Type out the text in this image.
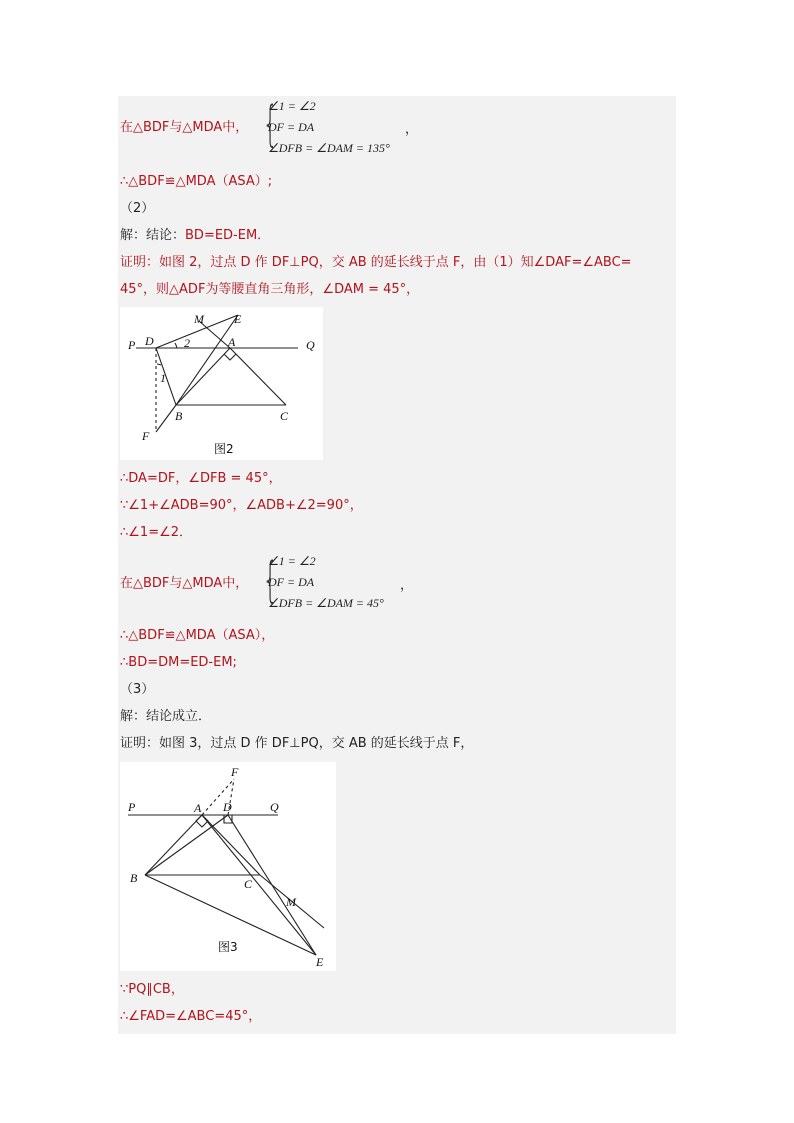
在△BDF与△MDA中， {
∠1 = ∠2
DF = DA
∠DFB = ∠DAM = 135°
，
∴△BDF≌△MDA（ASA）;
（2）
解：结论：BD=ED-EM．
证明：如图 2，过点 D 作 DF⊥PQ，交 AB 的延长线于点 F，由（1）知∠DAF=∠ABC=
45°，则△ADF为等腰直角三角形，∠DAM = 45°，
P D	2	A	Q
M	E
1
B	C
F
图2
∴DA=DF，∠DFB = 45°，
∵∠1+∠ADB=90°，∠ADB+∠2=90°，
∴∠1=∠2．
在△BDF与△MDA中， {
∠1 = ∠2
DF = DA
∠DFB = ∠DAM = 45°
，
∴△BDF≌△MDA（ASA），
∴BD=DM=ED-EM;
（3）
解：结论成立．
证明：如图 3，过点 D 作 DF⊥PQ，交 AB 的延长线于点 F，
F
P	A D	Q
B	C
M
E
图3
∵PQ∥CB，
∴∠FAD=∠ABC=45°，
